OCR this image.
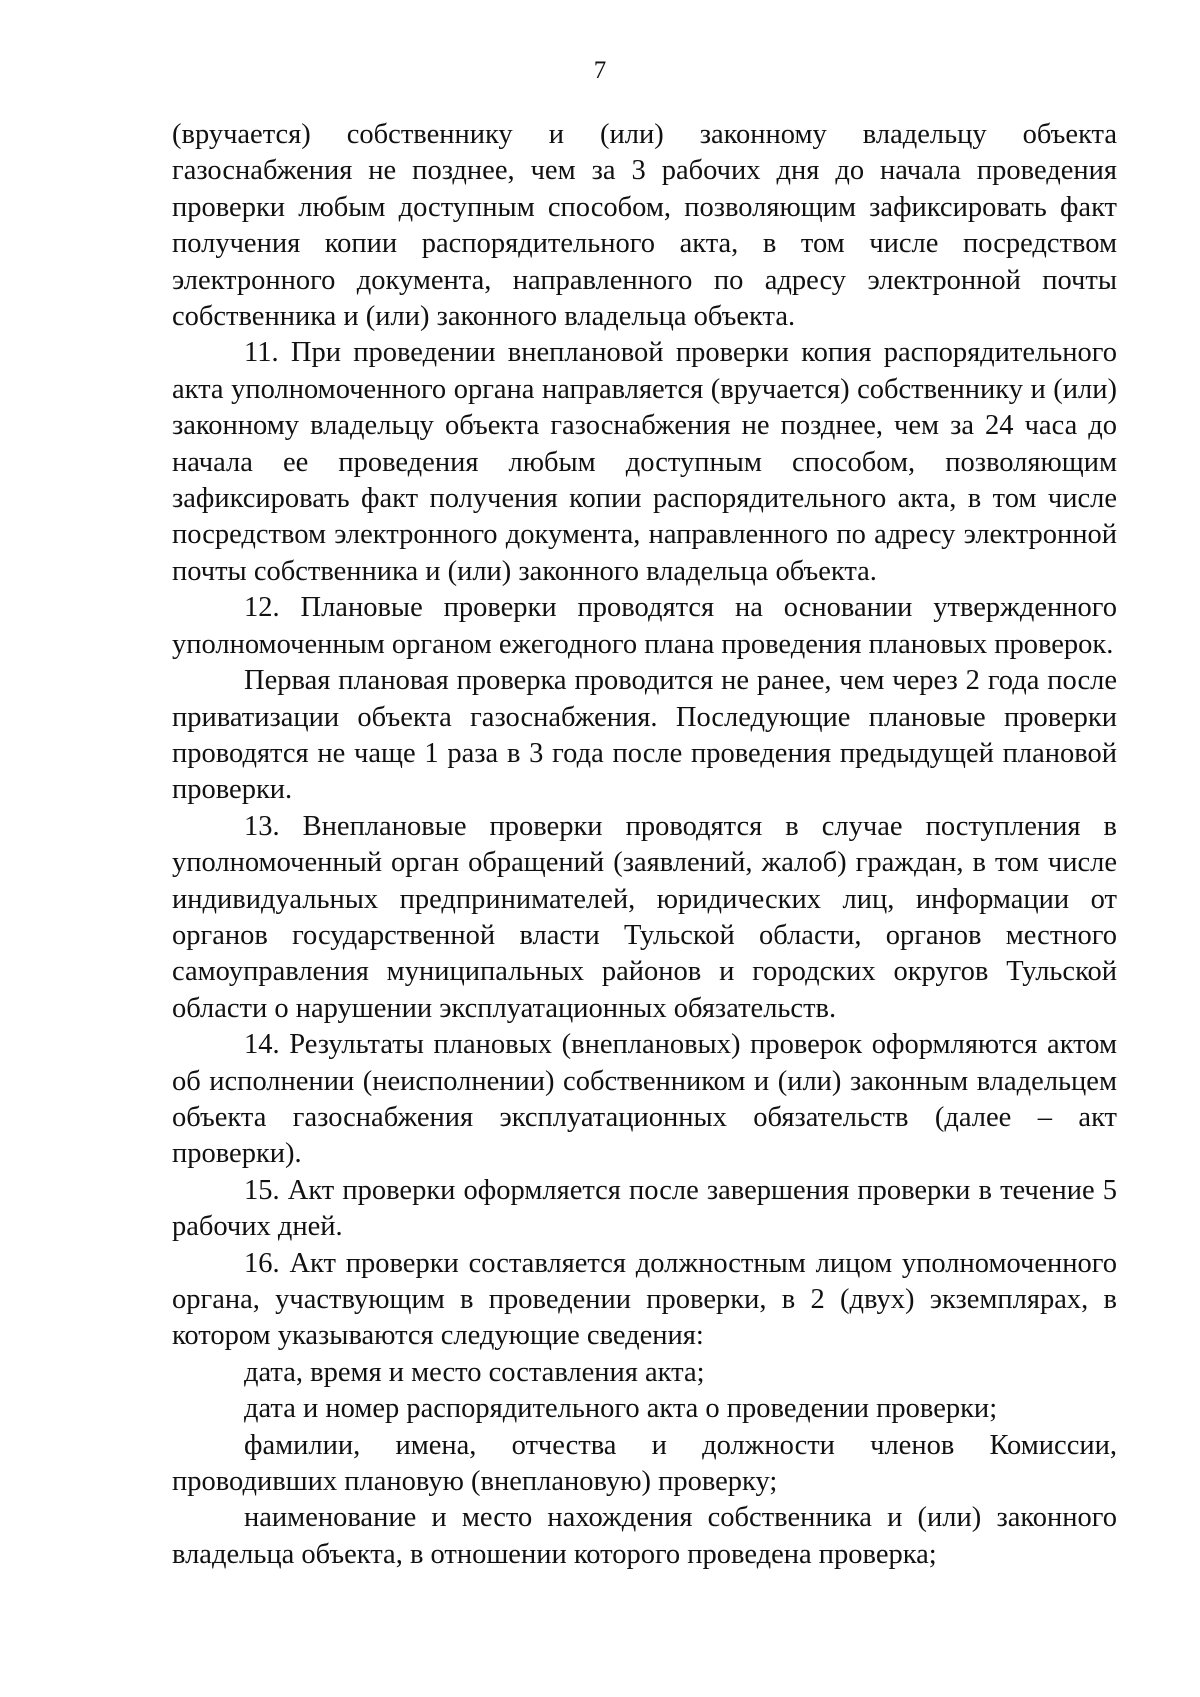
7

(вручается) собственнику и (или) законному владельцу объекта газоснабжения не позднее, чем за 3 рабочих дня до начала проведения проверки любым доступным способом, позволяющим зафиксировать факт получения копии распорядительного акта, в том числе посредством электронного документа, направленного по адресу электронной почты собственника и (или) законного владельца объекта.

11. При проведении внеплановой проверки копия распорядительного акта уполномоченного органа направляется (вручается) собственнику и (или) законному владельцу объекта газоснабжения не позднее, чем за 24 часа до начала ее проведения любым доступным способом, позволяющим зафиксировать факт получения копии распорядительного акта, в том числе посредством электронного документа, направленного по адресу электронной почты собственника и (или) законного владельца объекта.

12. Плановые проверки проводятся на основании утвержденного уполномоченным органом ежегодного плана проведения плановых проверок.

Первая плановая проверка проводится не ранее, чем через 2 года после приватизации объекта газоснабжения. Последующие плановые проверки проводятся не чаще 1 раза в 3 года после проведения предыдущей плановой проверки.

13. Внеплановые проверки проводятся в случае поступления в уполномоченный орган обращений (заявлений, жалоб) граждан, в том числе индивидуальных предпринимателей, юридических лиц, информации от органов государственной власти Тульской области, органов местного самоуправления муниципальных районов и городских округов Тульской области о нарушении эксплуатационных обязательств.

14. Результаты плановых (внеплановых) проверок оформляются актом об исполнении (неисполнении) собственником и (или) законным владельцем объекта газоснабжения эксплуатационных обязательств (далее – акт проверки).

15. Акт проверки оформляется после завершения проверки в течение 5 рабочих дней.

16. Акт проверки составляется должностным лицом уполномоченного органа, участвующим в проведении проверки, в 2 (двух) экземплярах, в котором указываются следующие сведения:

дата, время и место составления акта;

дата и номер распорядительного акта о проведении проверки;

фамилии, имена, отчества и должности членов Комиссии, проводивших плановую (внеплановую) проверку;

наименование и место нахождения собственника и (или) законного владельца объекта, в отношении которого проведена проверка;
